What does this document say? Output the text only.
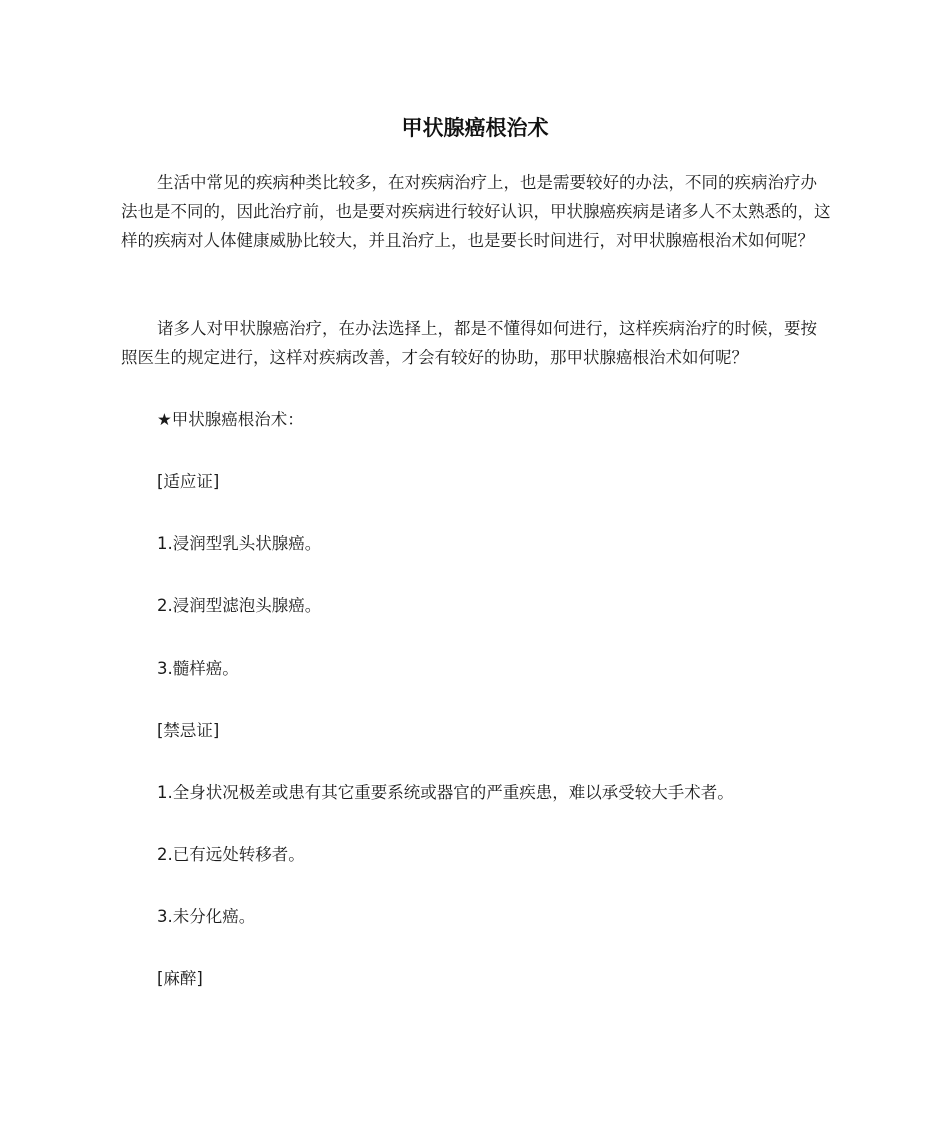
甲状腺癌根治术

生活中常见的疾病种类比较多，在对疾病治疗上，也是需要较好的办法，不同的疾病治疗办法也是不同的，因此治疗前，也是要对疾病进行较好认识，甲状腺癌疾病是诸多人不太熟悉的，这样的疾病对人体健康威胁比较大，并且治疗上，也是要长时间进行，对甲状腺癌根治术如何呢？

诸多人对甲状腺癌治疗，在办法选择上，都是不懂得如何进行，这样疾病治疗的时候，要按照医生的规定进行，这样对疾病改善，才会有较好的协助，那甲状腺癌根治术如何呢？

★甲状腺癌根治术：

[适应证]

1.浸润型乳头状腺癌。

2.浸润型滤泡头腺癌。

3.髓样癌。

[禁忌证]

1.全身状况极差或患有其它重要系统或器官的严重疾患，难以承受较大手术者。

2.已有远处转移者。

3.未分化癌。

[麻醉]
